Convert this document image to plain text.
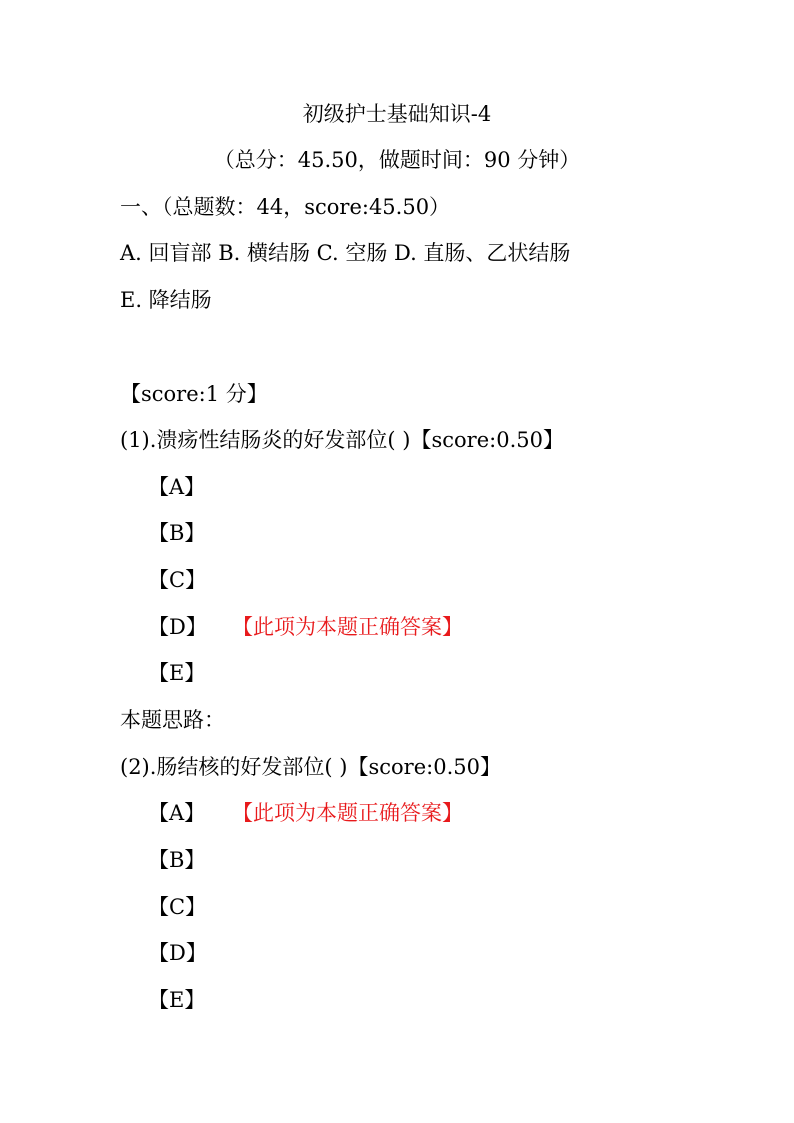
初级护士基础知识-4
（总分：45.50，做题时间：90 分钟）
一、（总题数：44，score:45.50）
A. 回盲部 B. 横结肠 C. 空肠 D. 直肠、乙状结肠
E. 降结肠
【score:1 分】
(1).溃疡性结肠炎的好发部位( )【score:0.50】
【A】
【B】
【C】
【D】 【此项为本题正确答案】
【E】
本题思路：
(2).肠结核的好发部位( )【score:0.50】
【A】 【此项为本题正确答案】
【B】
【C】
【D】
【E】
